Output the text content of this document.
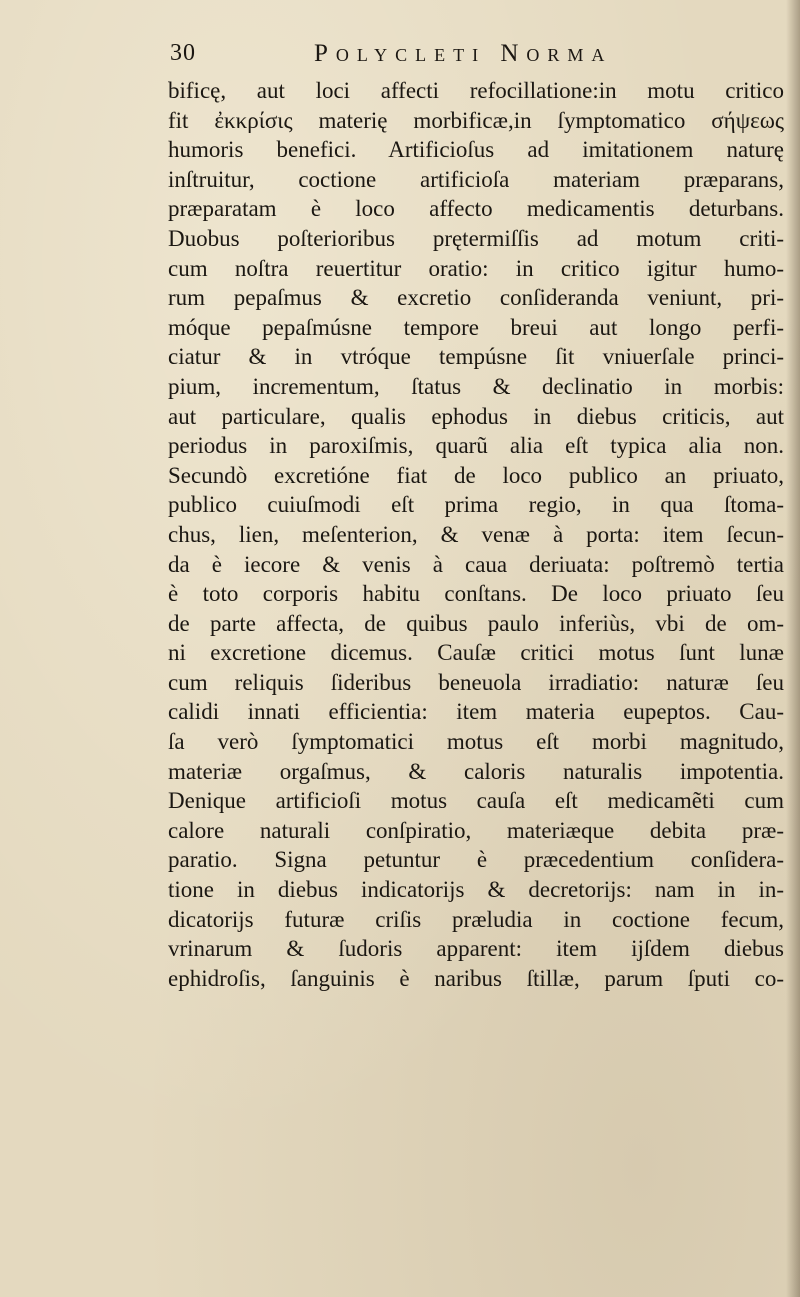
30	Polycleti Norma
bificę, aut loci affecti refocillatione:in motu critico
fit ἐκκρίσις materię morbificæ,in ſymptomatico σήψεως
humoris benefici. Artificioſus ad imitationem naturę
inſtruitur, coctione artificioſa materiam præparans,
præparatam è loco affecto medicamentis deturbans.
Duobus poſterioribus prętermiſſis ad motum criti-
cum noſtra reuertitur oratio: in critico igitur humo-
rum pepaſmus & excretio conſideranda veniunt, pri-
móque pepaſmúsne tempore breui aut longo perfi-
ciatur & in vtróque tempúsne ſit vniuerſale princi-
pium, incrementum, ſtatus & declinatio in morbis:
aut particulare, qualis ephodus in diebus criticis, aut
periodus in paroxiſmis, quarũ alia eſt typica alia non.
Secundò excretióne fiat de loco publico an priuato,
publico cuiuſmodi eſt prima regio, in qua ſtoma-
chus, lien, meſenterion, & venæ à porta: item ſecun-
da è iecore & venis à caua deriuata: poſtremò tertia
è toto corporis habitu conſtans. De loco priuato ſeu
de parte affecta, de quibus paulo inferiùs, vbi de om-
ni excretione dicemus. Cauſæ critici motus ſunt lunæ
cum reliquis ſideribus beneuola irradiatio: naturæ ſeu
calidi innati efficientia: item materia eupeptos. Cau-
ſa verò ſymptomatici motus eſt morbi magnitudo,
materiæ orgaſmus, & caloris naturalis impotentia.
Denique artificioſi motus cauſa eſt medicamẽti cum
calore naturali conſpiratio, materiæque debita præ-
paratio. Signa petuntur è præcedentium conſidera-
tione in diebus indicatorijs & decretorijs: nam in in-
dicatorijs futuræ criſis præludia in coctione fecum,
vrinarum & ſudoris apparent: item ijſdem diebus
ephidroſis, ſanguinis è naribus ſtillæ, parum ſputi co-
